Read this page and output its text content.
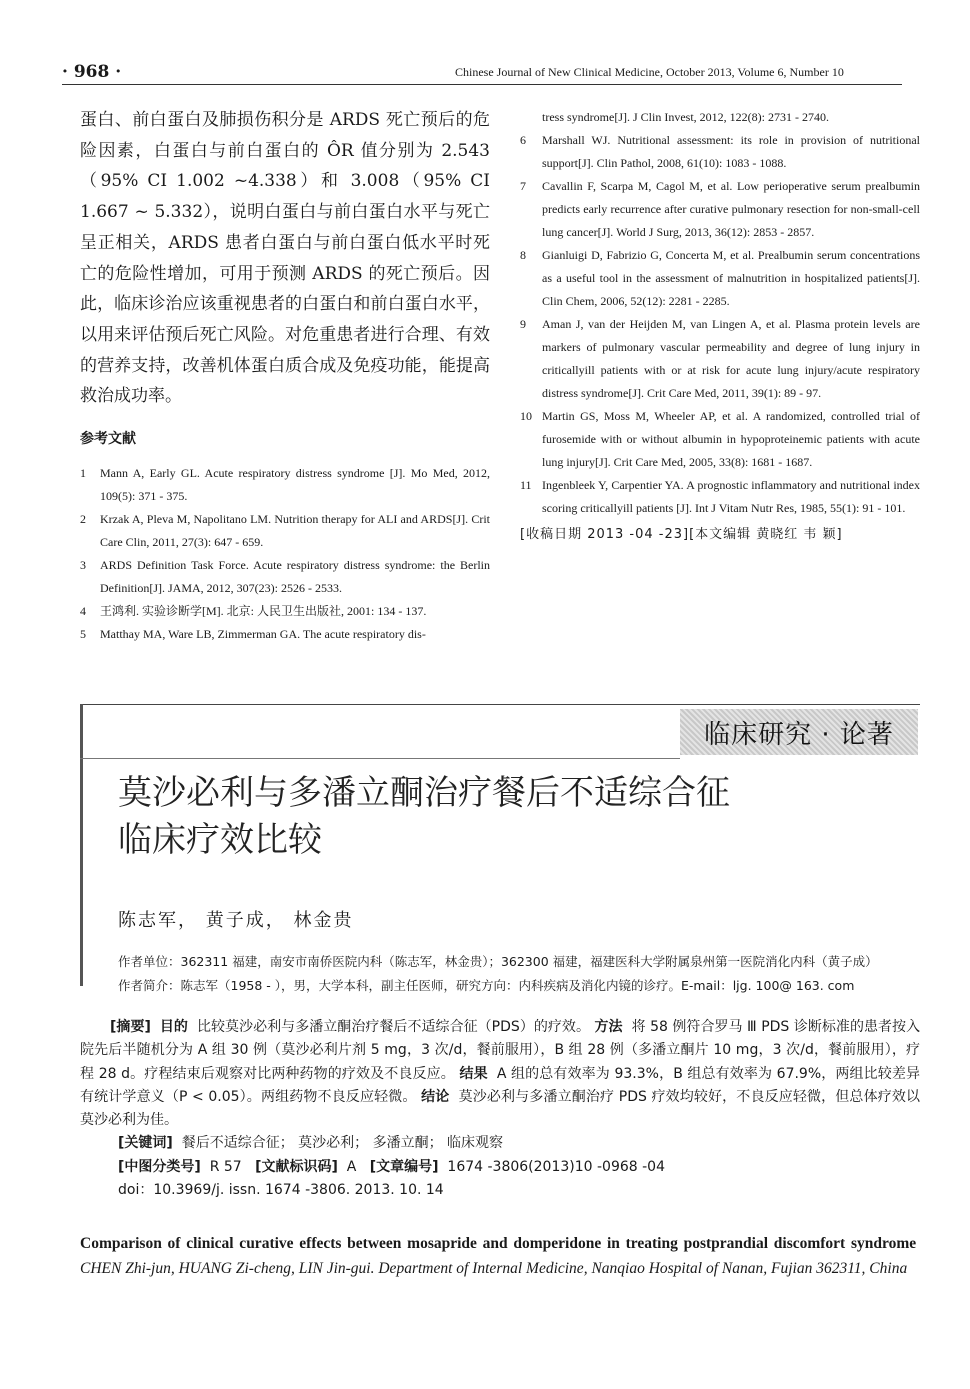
· 968 ·	Chinese Journal of New Clinical Medicine, October 2013, Volume 6, Number 10

蛋白、前白蛋白及肺损伤积分是 ARDS 死亡预后的危险因素，白蛋白与前白蛋白的 ÔR 值分别为 2.543（95% CI 1.002 ~4.338）和 3.008（95% CI 1.667 ~ 5.332），说明白蛋白与前白蛋白水平与死亡呈正相关，ARDS 患者白蛋白与前白蛋白低水平时死亡的危险性增加，可用于预测 ARDS 的死亡预后。因此，临床诊治应该重视患者的白蛋白和前白蛋白水平，以用来评估预后死亡风险。对危重患者进行合理、有效的营养支持，改善机体蛋白质合成及免疫功能，能提高救治成功率。

参考文献
1 Mann A, Early GL. Acute respiratory distress syndrome [J]. Mo Med, 2012, 109(5): 371 - 375.
2 Krzak A, Pleva M, Napolitano LM. Nutrition therapy for ALI and ARDS[J]. Crit Care Clin, 2011, 27(3): 647 - 659.
3 ARDS Definition Task Force. Acute respiratory distress syndrome: the Berlin Definition[J]. JAMA, 2012, 307(23): 2526 - 2533.
4 王鸿利. 实验诊断学[M]. 北京: 人民卫生出版社, 2001: 134 - 137.
5 Matthay MA, Ware LB, Zimmerman GA. The acute respiratory dis-
tress syndrome[J]. J Clin Invest, 2012, 122(8): 2731 - 2740.
6 Marshall WJ. Nutritional assessment: its role in provision of nutritional support[J]. Clin Pathol, 2008, 61(10): 1083 - 1088.
7 Cavallin F, Scarpa M, Cagol M, et al. Low perioperative serum prealbumin predicts early recurrence after curative pulmonary resection for non-small-cell lung cancer[J]. World J Surg, 2013, 36(12): 2853 - 2857.
8 Gianluigi D, Fabrizio G, Concerta M, et al. Prealbumin serum concentrations as a useful tool in the assessment of malnutrition in hospitalized patients[J]. Clin Chem, 2006, 52(12): 2281 - 2285.
9 Aman J, van der Heijden M, van Lingen A, et al. Plasma protein levels are markers of pulmonary vascular permeability and degree of lung injury in criticallyill patients with or at risk for acute lung injury/acute respiratory distress syndrome[J]. Crit Care Med, 2011, 39(1): 89 - 97.
10 Martin GS, Moss M, Wheeler AP, et al. A randomized, controlled trial of furosemide with or without albumin in hypoproteinemic patients with acute lung injury[J]. Crit Care Med, 2005, 33(8): 1681 - 1687.
11 Ingenbleek Y, Carpentier YA. A prognostic inflammatory and nutritional index scoring criticallyill patients [J]. Int J Vitam Nutr Res, 1985, 55(1): 91 - 101.
[收稿日期 2013 -04 -23][本文编辑 黄晓红 韦 颖]
临床研究 · 论著
莫沙必利与多潘立酮治疗餐后不适综合征
临床疗效比较
陈志军， 黄子成， 林金贵
作者单位：362311 福建，南安市南侨医院内科（陈志军，林金贵）；362300 福建，福建医科大学附属泉州第一医院消化内科（黄子成）
作者简介：陈志军（1958 - ），男，大学本科，副主任医师，研究方向：内科疾病及消化内镜的诊疗。E-mail：ljg. 100@ 163. com

[摘要] 目的 比较莫沙必利与多潘立酮治疗餐后不适综合征（PDS）的疗效。 方法 将 58 例符合罗马 Ⅲ PDS 诊断标准的患者按入院先后半随机分为 A 组 30 例（莫沙必利片剂 5 mg，3 次/d，餐前服用），B 组 28 例（多潘立酮片 10 mg，3 次/d，餐前服用），疗程 28 d。疗程结束后观察对比两种药物的疗效及不良反应。 结果 A 组的总有效率为 93.3%，B 组总有效率为 67.9%，两组比较差异有统计学意义（P < 0.05）。两组药物不良反应轻微。 结论 莫沙必利与多潘立酮治疗 PDS 疗效均较好，不良反应轻微，但总体疗效以莫沙必利为佳。

[关键词] 餐后不适综合征； 莫沙必利； 多潘立酮； 临床观察

[中图分类号] R 57 [文献标识码] A [文章编号] 1674 -3806(2013)10 -0968 -04

doi：10.3969/j. issn. 1674 -3806. 2013. 10. 14

Comparison of clinical curative effects between mosapride and domperidone in treating postprandial discomfort syndrome  CHEN Zhi-jun, HUANG Zi-cheng, LIN Jin-gui. Department of Internal Medicine, Nanqiao Hospital of Nanan, Fujian 362311, China
